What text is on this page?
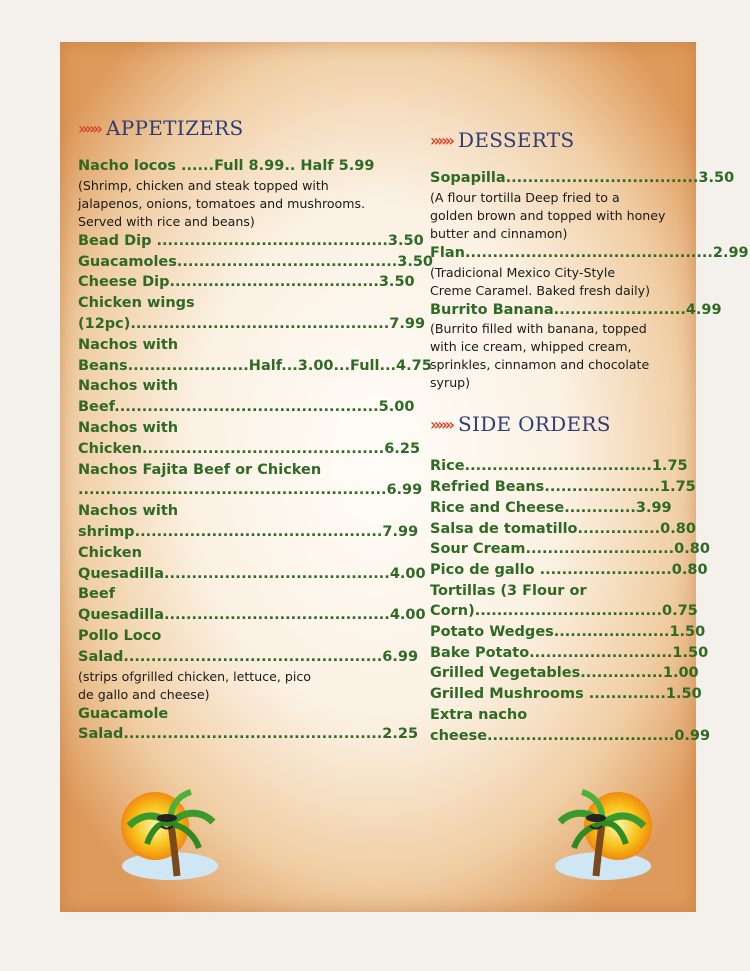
»»» APPETIZERS
Nacho locos ......Full 8.99.. Half 5.99
(Shrimp, chicken and steak topped with
jalapenos, onions, tomatoes and mushrooms.
Served with rice and beans)
Bead Dip ..........................................3.50
Guacamoles........................................3.50
Cheese Dip......................................3.50
Chicken wings
(12pc)...............................................7.99
Nachos with
Beans......................Half...3.00...Full...4.75
Nachos with
Beef................................................5.00
Nachos with
Chicken............................................6.25
Nachos Fajita Beef or Chicken
........................................................6.99
Nachos with
shrimp.............................................7.99
Chicken
Quesadilla.........................................4.00
Beef
Quesadilla.........................................4.00
Pollo Loco
Salad...............................................6.99
(strips ofgrilled chicken, lettuce, pico
de gallo and cheese)
Guacamole
Salad...............................................2.25
»»» DESSERTS
Sopapilla...................................3.50
(A flour tortilla Deep fried to a
golden brown and topped with honey
butter and cinnamon)
Flan.............................................2.99
(Tradicional Mexico City-Style
Creme Caramel. Baked fresh daily)
Burrito Banana........................4.99
(Burrito filled with banana, topped
with ice cream, whipped cream,
sprinkles, cinnamon and chocolate
syrup)
»»» SIDE ORDERS
Rice..................................1.75
Refried Beans.....................1.75
Rice and Cheese.............3.99
Salsa de tomatillo...............0.80
Sour Cream...........................0.80
Pico de gallo ........................0.80
Tortillas (3 Flour or
Corn)..................................0.75
Potato Wedges.....................1.50
Bake Potato..........................1.50
Grilled Vegetables...............1.00
Grilled Mushrooms ..............1.50
Extra nacho
cheese..................................0.99
